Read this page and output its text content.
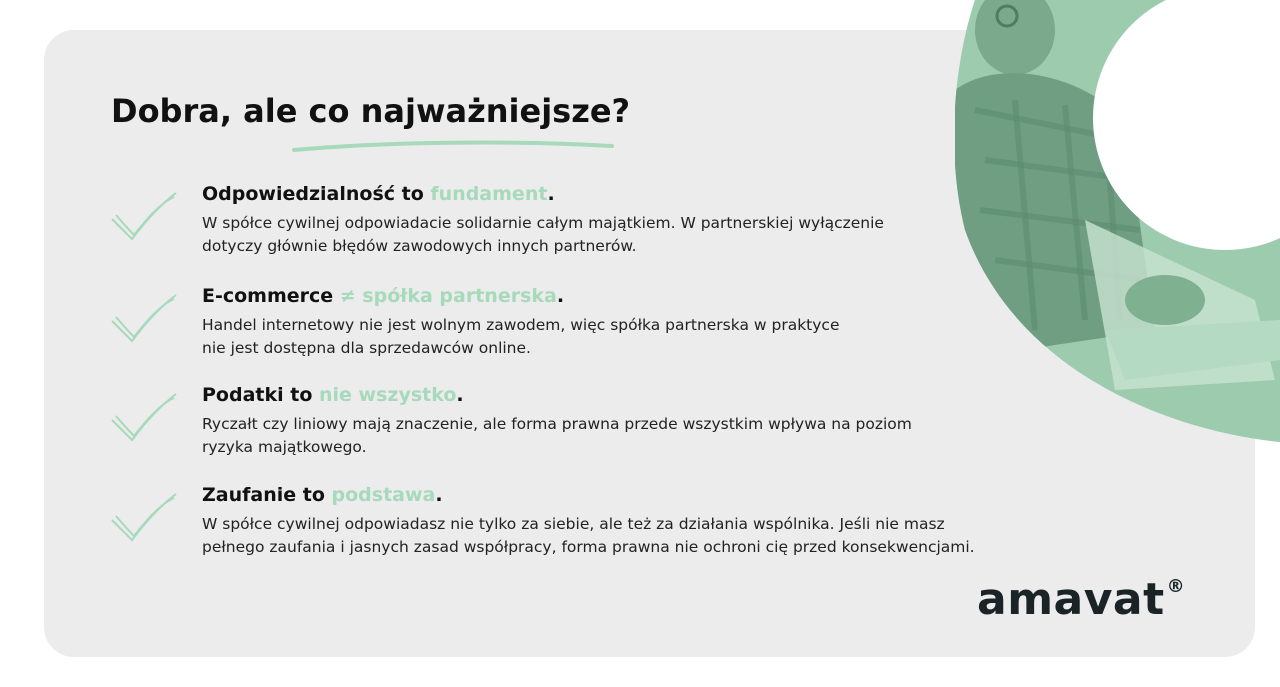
Dobra, ale co najważniejsze?
Odpowiedzialność to fundament.
W spółce cywilnej odpowiadacie solidarnie całym majątkiem. W partnerskiej wyłączenie
dotyczy głównie błędów zawodowych innych partnerów.
E-commerce ≠ spółka partnerska.
Handel internetowy nie jest wolnym zawodem, więc spółka partnerska w praktyce
nie jest dostępna dla sprzedawców online.
Podatki to nie wszystko.
Ryczałt czy liniowy mają znaczenie, ale forma prawna przede wszystkim wpływa na poziom
ryzyka majątkowego.
Zaufanie to podstawa.
W spółce cywilnej odpowiadasz nie tylko za siebie, ale też za działania wspólnika. Jeśli nie masz
pełnego zaufania i jasnych zasad współpracy, forma prawna nie ochroni cię przed konsekwencjami.
amavat ®
